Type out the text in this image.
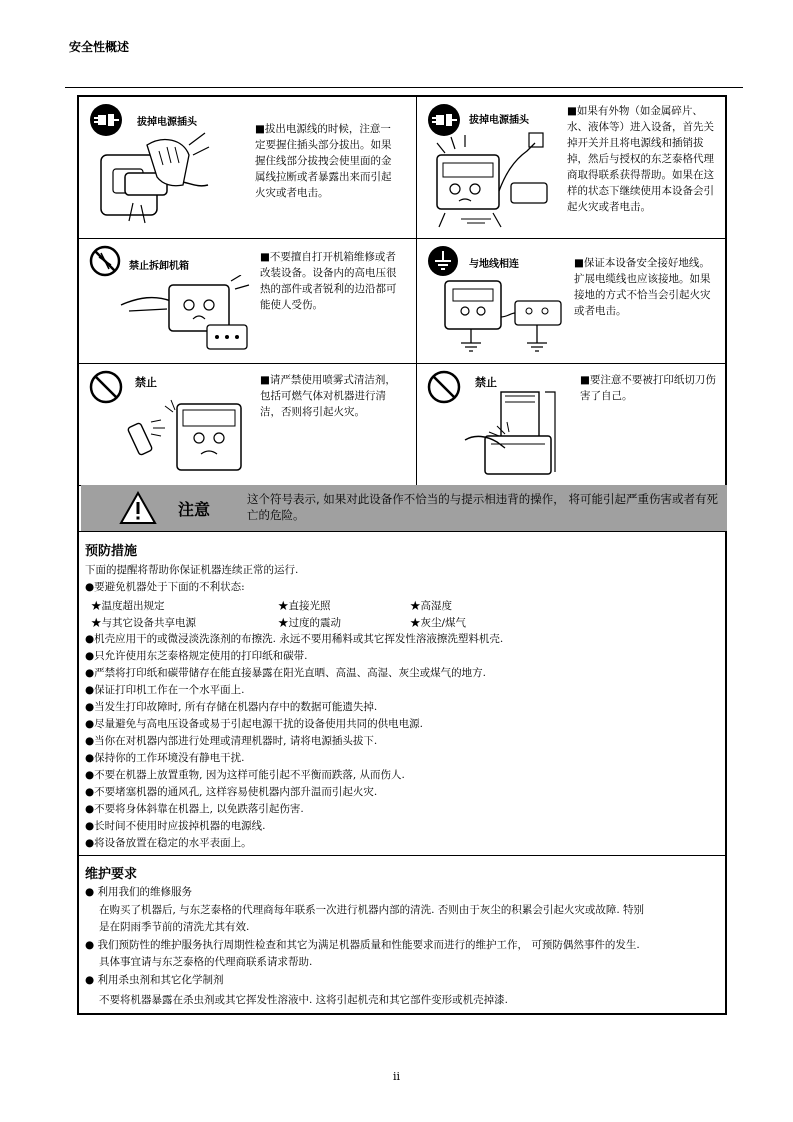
安全性概述
拔掉电源插头
■拔出电源线的时候，注意一定要握住插头部分拔出。如果握住线部分拔拽会使里面的金属线拉断或者暴露出来而引起火灾或者电击。
拔掉电源插头
■如果有外物（如金属碎片、水、液体等）进入设备，首先关掉开关并且将电源线和插销拔掉，然后与授权的东芝泰格代理商取得联系获得帮助。如果在这样的状态下继续使用本设备会引起火灾或者电击。
禁止拆卸机箱
■不要擅自打开机箱维修或者改装设备。设备内的高电压很热的部件或者锐利的边沿都可能使人受伤。
与地线相连	■保证本设备安全接好地线。扩展电缆线也应该接地。如果接地的方式不恰当会引起火灾或者电击。
禁止	■请严禁使用喷雾式清洁剂，包括可燃气体对机器进行清洁，否则将引起火灾。
禁止	■要注意不要被打印纸切刀伤害了自己。
注意
这个符号表示, 如果对此设备作不恰当的与提示相违背的操作， 将可能引起严重伤害或者有死亡的危险。
预防措施
下面的提醒将帮助你保证机器连续正常的运行.
●要避免机器处于下面的不利状态:
★温度超出规定	★直接光照	★高湿度
★与其它设备共享电源	★过度的震动	★灰尘/煤气
●机壳应用干的或微浸淡洗涤剂的布擦洗. 永远不要用稀料或其它挥发性溶液擦洗塑料机壳.
●只允许使用东芝泰格规定使用的打印纸和碳带.
●严禁将打印纸和碳带储存在能直接暴露在阳光直晒、高温、高湿、灰尘或煤气的地方.
●保证打印机工作在一个水平面上.
●当发生打印故障时, 所有存储在机器内存中的数据可能遗失掉.
●尽量避免与高电压设备或易于引起电源干扰的设备使用共同的供电电源.
●当你在对机器内部进行处理或清理机器时, 请将电源插头拔下.
●保持你的工作环境没有静电干扰.
●不要在机器上放置重物, 因为这样可能引起不平衡而跌落, 从而伤人.
●不要堵塞机器的通风孔, 这样容易使机器内部升温而引起火灾.
●不要将身体斜靠在机器上, 以免跌落引起伤害.
●长时间不使用时应拔掉机器的电源线.
●将设备放置在稳定的水平表面上。
维护要求
● 利用我们的维修服务
在购买了机器后, 与东芝泰格的代理商每年联系一次进行机器内部的清洗. 否则由于灰尘的积累会引起火灾或故障. 特别
是在阴雨季节前的清洗尤其有效.
● 我们预防性的维护服务执行周期性检查和其它为满足机器质量和性能要求而进行的维护工作， 可预防偶然事件的发生.
具体事宜请与东芝泰格的代理商联系请求帮助.
● 利用杀虫剂和其它化学制剂
不要将机器暴露在杀虫剂或其它挥发性溶液中. 这将引起机壳和其它部件变形或机壳掉漆.
ii
